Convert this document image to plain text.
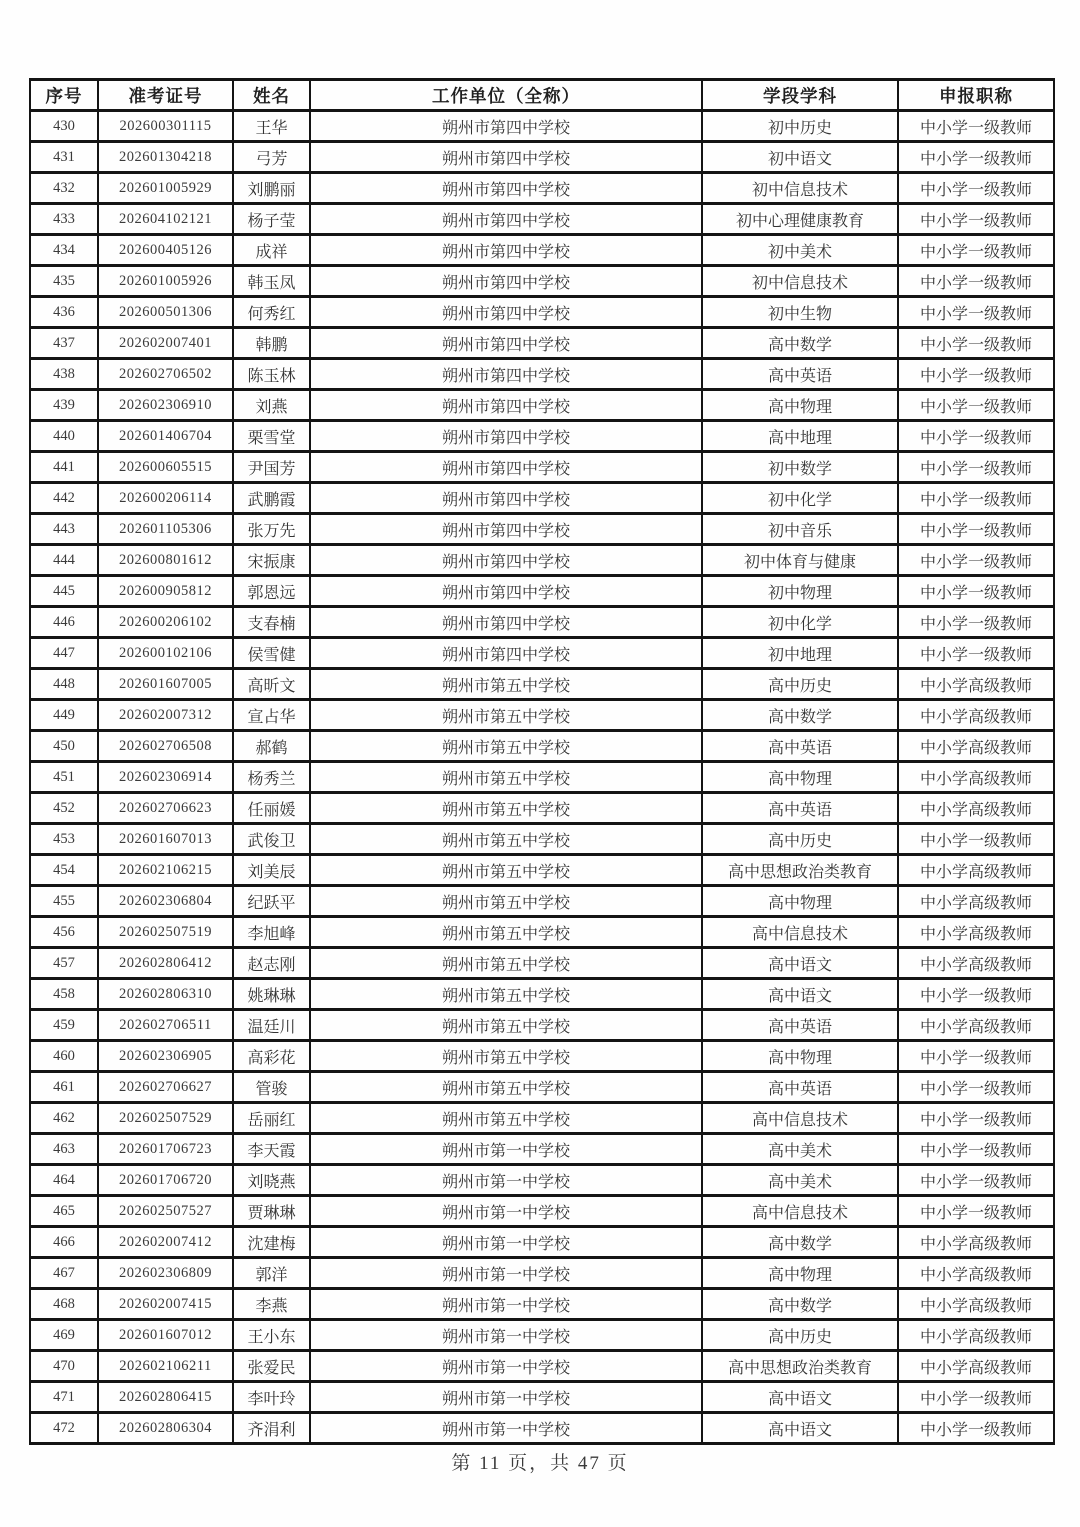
序号	准考证号	姓名	工作单位（全称）	学段学科	申报职称
430	202600301115	王华	朔州市第四中学校	初中历史	中小学一级教师
431	202601304218	弓芳	朔州市第四中学校	初中语文	中小学一级教师
432	202601005929	刘鹏丽	朔州市第四中学校	初中信息技术	中小学一级教师
433	202604102121	杨子莹	朔州市第四中学校	初中心理健康教育	中小学一级教师
434	202600405126	成祥	朔州市第四中学校	初中美术	中小学一级教师
435	202601005926	韩玉凤	朔州市第四中学校	初中信息技术	中小学一级教师
436	202600501306	何秀红	朔州市第四中学校	初中生物	中小学一级教师
437	202602007401	韩鹏	朔州市第四中学校	高中数学	中小学一级教师
438	202602706502	陈玉林	朔州市第四中学校	高中英语	中小学一级教师
439	202602306910	刘燕	朔州市第四中学校	高中物理	中小学一级教师
440	202601406704	栗雪堂	朔州市第四中学校	高中地理	中小学一级教师
441	202600605515	尹国芳	朔州市第四中学校	初中数学	中小学一级教师
442	202600206114	武鹏霞	朔州市第四中学校	初中化学	中小学一级教师
443	202601105306	张万先	朔州市第四中学校	初中音乐	中小学一级教师
444	202600801612	宋振康	朔州市第四中学校	初中体育与健康	中小学一级教师
445	202600905812	郭恩远	朔州市第四中学校	初中物理	中小学一级教师
446	202600206102	支春楠	朔州市第四中学校	初中化学	中小学一级教师
447	202600102106	侯雪健	朔州市第四中学校	初中地理	中小学一级教师
448	202601607005	高昕文	朔州市第五中学校	高中历史	中小学高级教师
449	202602007312	宣占华	朔州市第五中学校	高中数学	中小学高级教师
450	202602706508	郝鹤	朔州市第五中学校	高中英语	中小学高级教师
451	202602306914	杨秀兰	朔州市第五中学校	高中物理	中小学高级教师
452	202602706623	任丽媛	朔州市第五中学校	高中英语	中小学高级教师
453	202601607013	武俊卫	朔州市第五中学校	高中历史	中小学一级教师
454	202602106215	刘美辰	朔州市第五中学校	高中思想政治类教育	中小学高级教师
455	202602306804	纪跃平	朔州市第五中学校	高中物理	中小学高级教师
456	202602507519	李旭峰	朔州市第五中学校	高中信息技术	中小学高级教师
457	202602806412	赵志刚	朔州市第五中学校	高中语文	中小学高级教师
458	202602806310	姚琳琳	朔州市第五中学校	高中语文	中小学一级教师
459	202602706511	温廷川	朔州市第五中学校	高中英语	中小学高级教师
460	202602306905	高彩花	朔州市第五中学校	高中物理	中小学一级教师
461	202602706627	管骏	朔州市第五中学校	高中英语	中小学一级教师
462	202602507529	岳丽红	朔州市第五中学校	高中信息技术	中小学一级教师
463	202601706723	李天霞	朔州市第一中学校	高中美术	中小学一级教师
464	202601706720	刘晓燕	朔州市第一中学校	高中美术	中小学一级教师
465	202602507527	贾琳琳	朔州市第一中学校	高中信息技术	中小学一级教师
466	202602007412	沈建梅	朔州市第一中学校	高中数学	中小学高级教师
467	202602306809	郭洋	朔州市第一中学校	高中物理	中小学高级教师
468	202602007415	李燕	朔州市第一中学校	高中数学	中小学高级教师
469	202601607012	王小东	朔州市第一中学校	高中历史	中小学高级教师
470	202602106211	张爱民	朔州市第一中学校	高中思想政治类教育	中小学高级教师
471	202602806415	李叶玲	朔州市第一中学校	高中语文	中小学一级教师
472	202602806304	齐涓利	朔州市第一中学校	高中语文	中小学一级教师
第 11 页，共 47 页
